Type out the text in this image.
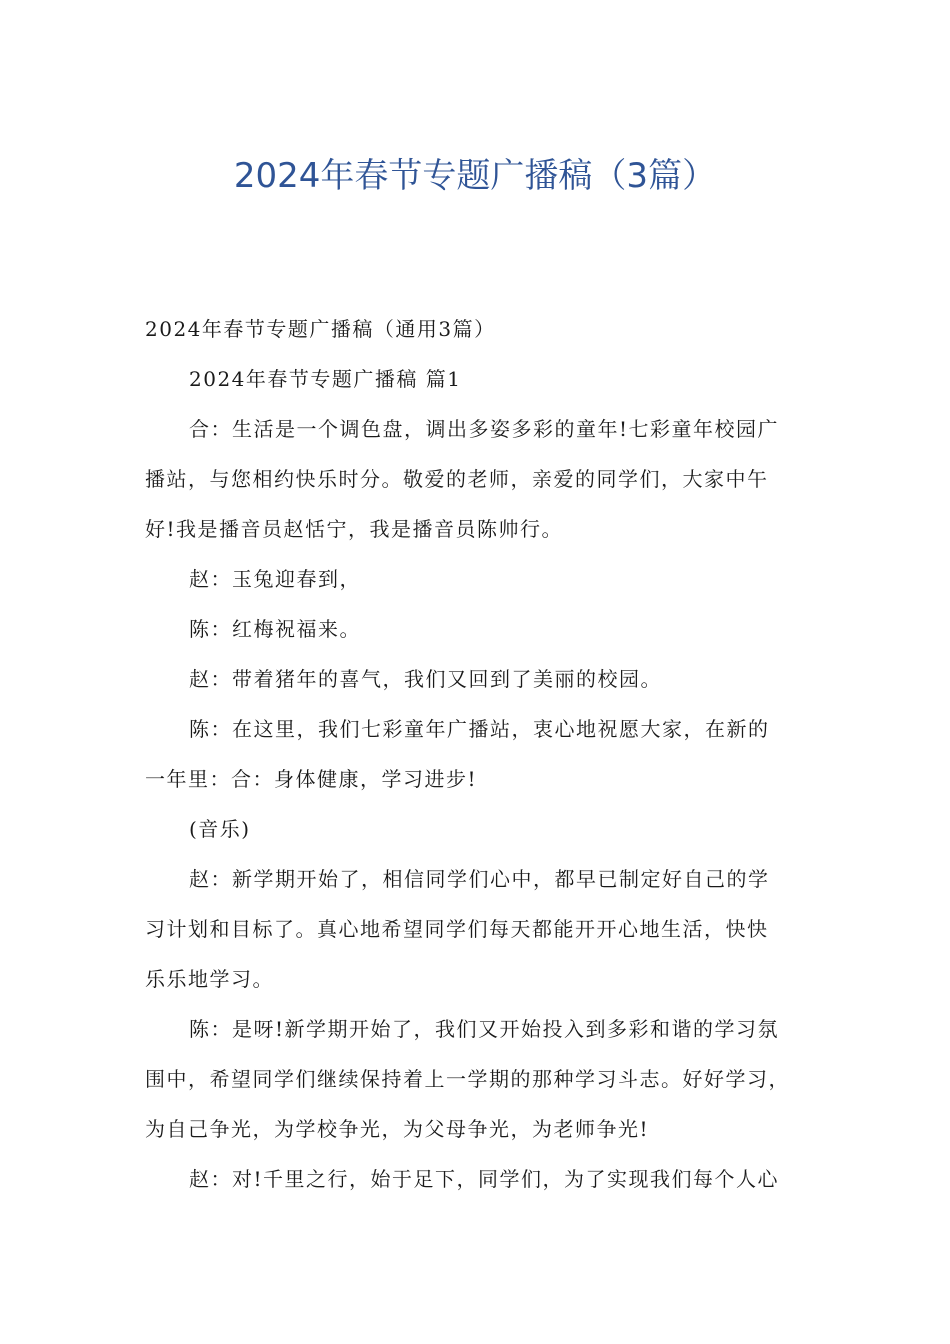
2024年春节专题广播稿（3篇）
2024年春节专题广播稿（通用3篇）
2024年春节专题广播稿 篇1
合：生活是一个调色盘，调出多姿多彩的童年!七彩童年校园广
播站，与您相约快乐时分。敬爱的老师，亲爱的同学们，大家中午
好!我是播音员赵恬宁，我是播音员陈帅行。
赵：玉兔迎春到，
陈：红梅祝福来。
赵：带着猪年的喜气，我们又回到了美丽的校园。
陈：在这里，我们七彩童年广播站，衷心地祝愿大家，在新的
一年里：合：身体健康，学习进步!
(音乐)
赵：新学期开始了，相信同学们心中，都早已制定好自己的学
习计划和目标了。真心地希望同学们每天都能开开心地生活，快快
乐乐地学习。
陈：是呀!新学期开始了，我们又开始投入到多彩和谐的学习氛
围中，希望同学们继续保持着上一学期的那种学习斗志。好好学习，
为自己争光，为学校争光，为父母争光，为老师争光!
赵：对!千里之行，始于足下，同学们，为了实现我们每个人心
